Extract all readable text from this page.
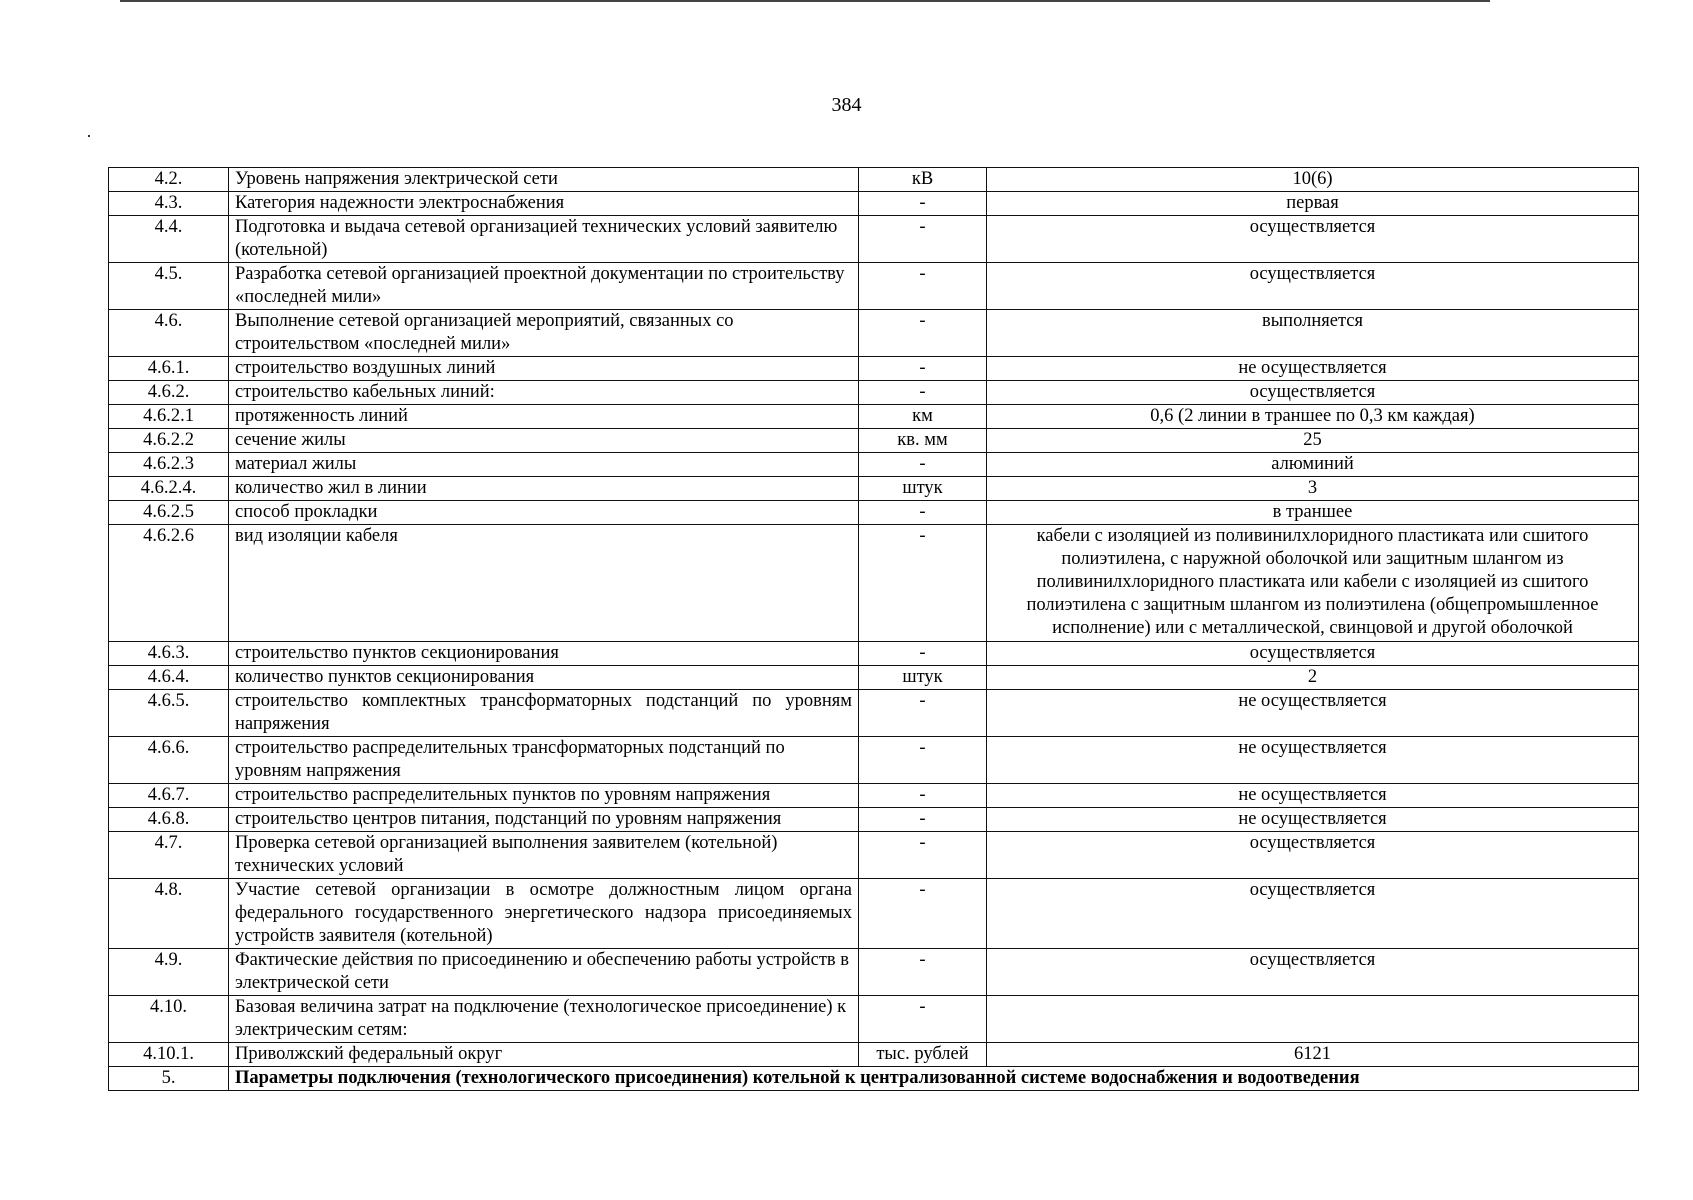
384
4.2.	Уровень напряжения электрической сети	кВ	10(6)
4.3.	Категория надежности электроснабжения	-	первая
4.4.	Подготовка и выдача сетевой организацией технических условий заявителю (котельной)	-	осуществляется
4.5.	Разработка сетевой организацией проектной документации по строительству «последней мили»	-	осуществляется
4.6.	Выполнение сетевой организацией мероприятий, связанных со строительством «последней мили»	-	выполняется
4.6.1.	строительство воздушных линий	-	не осуществляется
4.6.2.	строительство кабельных линий:	-	осуществляется
4.6.2.1	протяженность линий	км	0,6 (2 линии в траншее по 0,3 км каждая)
4.6.2.2	сечение жилы	кв. мм	25
4.6.2.3	материал жилы	-	алюминий
4.6.2.4.	количество жил в линии	штук	3
4.6.2.5	способ прокладки	-	в траншее
4.6.2.6	вид изоляции кабеля	-	кабели с изоляцией из поливинилхлоридного пластиката или сшитого полиэтилена, с наружной оболочкой или защитным шлангом из поливинилхлоридного пластиката или кабели с изоляцией из сшитого полиэтилена с защитным шлангом из полиэтилена (общепромышленное исполнение) или с металлической, свинцовой и другой оболочкой
4.6.3.	строительство пунктов секционирования	-	осуществляется
4.6.4.	количество пунктов секционирования	штук	2
4.6.5.	строительство комплектных трансформаторных подстанций по уровням напряжения	-	не осуществляется
4.6.6.	строительство распределительных трансформаторных подстанций по уровням напряжения	-	не осуществляется
4.6.7.	строительство распределительных пунктов по уровням напряжения	-	не осуществляется
4.6.8.	строительство центров питания, подстанций по уровням напряжения	-	не осуществляется
4.7.	Проверка сетевой организацией выполнения заявителем (котельной) технических условий	-	осуществляется
4.8.	Участие сетевой организации в осмотре должностным лицом органа федерального государственного энергетического надзора присоединяемых устройств заявителя (котельной)	-	осуществляется
4.9.	Фактические действия по присоединению и обеспечению работы устройств в электрической сети	-	осуществляется
4.10.	Базовая величина затрат на подключение (технологическое присоединение) к электрическим сетям:	-	
4.10.1.	Приволжский федеральный округ	тыс. рублей	6121
5.	Параметры подключения (технологического присоединения) котельной к централизованной системе водоснабжения и водоотведения		
